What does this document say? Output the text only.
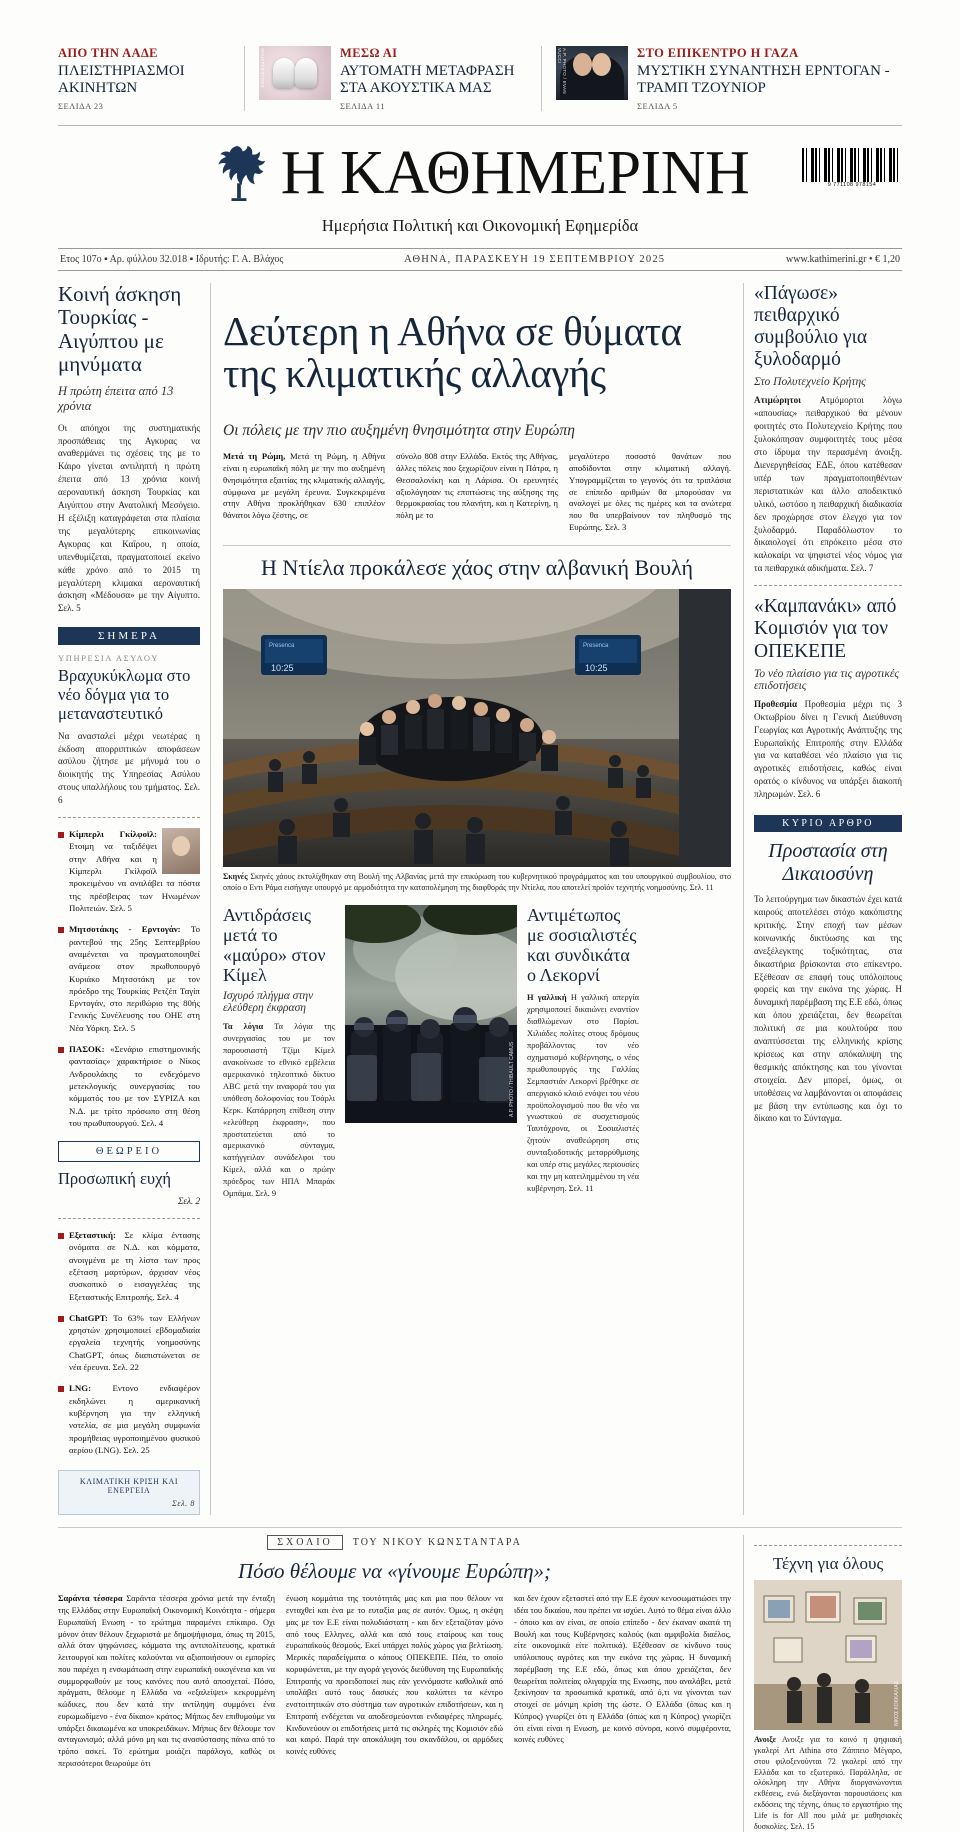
ΑΠΟ ΤΗΝ ΑΑΔΕ
ΠΛΕΙΣΤΗΡΙΑΣΜΟΙ ΑΚΙΝΗΤΩΝ
ΣΕΛΙΔΑ 23
SHUTTERSTOCK	ΜΕΣΩ ΑΙ
ΑΥΤΟΜΑΤΗ ΜΕΤΑΦΡΑΣΗ ΣΤΑ ΑΚΟΥΣΤΙΚΑ ΜΑΣ
ΣΕΛΙΔΑ 11
A.P. PHOTO / EVAN VUCCI	ΣΤΟ ΕΠΙΚΕΝΤΡΟ Η ΓΑΖΑ
ΜΥΣΤΙΚΗ ΣΥΝΑΝΤΗΣΗ ΕΡΝΤΟΓΑΝ - ΤΡΑΜΠ ΤΖΟΥΝΙΟΡ
ΣΕΛΙΔΑ 5
Η ΚΑΘΗΜΕΡΙΝΗ	9 771108 978154
Ημερήσια Πολιτική και Οικονομική Εφημερίδα
Ετος 107ο ▪ Αρ. φύλλου 32.018 ▪ Ιδρυτής: Γ. Α. Βλάχος	ΑΘΗΝΑ, ΠΑΡΑΣΚΕΥΗ 19 ΣΕΠΤΕΜΒΡΙΟΥ 2025	www.kathimerini.gr • € 1,20
Κοινή άσκηση Τουρκίας - Αιγύπτου με μηνύματα
Η πρώτη έπειτα από 13 χρόνια
Οι απόηχοι της συστηματικής προσπάθειας της Αγκυρας να αναθερμάνει τις σχέσεις της με το Κάιρο γίνεται αντιληπτή η πρώτη έπειτα από 13 χρόνια κοινή αεροναυτική άσκηση Τουρκίας και Αιγύπτου στην Ανατολική Μεσόγειο. Η εξέλιξη καταγράφεται στα πλαίσια της μεγαλύτερης επικοινωνίας Αγκυρας και Καΐρου, η οποία, υπενθυμίζεται, πραγματοποιεί εκείνο κάθε χρόνο από το 2015 τη μεγαλύτερη κλιμακα αεροναυτική άσκηση «Μέδουσα» με την Αίγυπτο. Σελ. 5
ΣΗΜΕΡΑ
ΥΠΗΡΕΣΙΑ ΑΣΥΛΟΥ
Βραχυκύκλωμα στο νέο δόγμα για το μεταναστευτικό
Να ανασταλεί μέχρι νεωτέρας η έκδοση απορριπτικών αποφάσεων ασύλου ζήτησε με μήνυμά του ο διοικητής της Υπηρεσίας Ασύλου στους υπαλλήλους του τμήματος. Σελ. 6
Κίμπερλι Γκίλφοϊλ: Ετοιμη να ταξιδέψει στην Αθήνα και η Κίμπερλι Γκίλφοϊλ προκειμένου να αναλάβει τα πόστα της πρέσβειρας των Ηνωμένων Πολιτειών. Σελ. 5
Μητσοτάκης - Ερντογάν: Το ραντεβού της 25ης Σεπτεμβρίου αναμένεται να πραγματοποιηθεί ανάμεσα στον πρωθυπουργό Κυριάκο Μητσοτάκη με τον πρόεδρο της Τουρκίας Ρετζέπ Ταγίπ Ερντογάν, στο περιθώριο της 80ής Γενικής Συνέλευσης του ΟΗΕ στη Νέα Υόρκη. Σελ. 5
ΠΑΣΟΚ: «Σενάριο επιστημονικής φαντασίας» χαρακτήρισε ο Νίκος Ανδρουλάκης το ενδεχόμενο μετεκλογικής συνεργασίας του κόμματός του με τον ΣΥΡΙΖΑ και Ν.Δ. με τρίτο πρόσωπο στη θέση του πρωθυπουργού. Σελ. 4
ΘΕΩΡΕΙΟ
Προσωπική ευχή
Σελ. 2
Εξεταστική: Σε κλίμα έντασης ονόματα σε Ν.Δ. και κόμματα, ανοιγμένα με τη λίστα των προς εξέταση μαρτύρων, άρχισαν νέος συσκοπικό ο εισαγγελέας της Εξεταστικής Επιτροπής. Σελ. 4
ChatGPT: Το 63% των Ελλήνων χρηστών χρησιμοποιεί εβδομαδιαία εργαλεία τεχνητής νοημοσύνης ChatGPT, όπως διαπιστώνεται σε νέα έρευνα. Σελ. 22
LNG: Εντονο ενδιαφέρον εκδηλώνει η αμερικανική κυβέρνηση για την ελληνική νοτελία, σε μια μεγάλη συμφωνία προμήθειας υγροποιημένου φυσικού αερίου (LNG). Σελ. 25
ΚΛΙΜΑΤΙΚΗ ΚΡΙΣΗ ΚΑΙ ΕΝΕΡΓΕΙΑ
Σελ. 8
Δεύτερη η Αθήνα σε θύματα της κλιματικής αλλαγής
Οι πόλεις με την πιο αυξημένη θνησιμότητα στην Ευρώπη
Μετά τη Ρώμη, Μετά τη Ρώμη, η Αθήνα είναι η ευρωπαϊκή πόλη με την πιο αυξημένη θνησιμότητα εξαιτίας της κλιματικής αλλαγής, σύμφωνα με μεγάλη έρευνα. Συγκεκριμένα στην Αθήνα προκλήθηκαν 630 επιπλέον θάνατοι λόγω ζέστης, σε
σύνολο 808 στην Ελλάδα. Εκτός της Αθήνας, άλλες πόλεις που ξεχωρίζουν είναι η Πάτρα, η Θεσσαλονίκη και η Λάρισα. Οι ερευνητές αξιολόγησαν τις επιπτώσεις της αύξησης της θερμοκρασίας του πλανήτη, και η Κατερίνη, η πόλη με το
μεγαλύτερο ποσοστό θανάτων που αποδίδονται στην κλιματική αλλαγή. Υπογραμμίζεται το γεγονός ότι τα τριπλάσια σε επίπεδο αριθμών θα μπορούσαν να αναλογεί με όλες τις ημέρες και τα ανώτερα που θα υπερβαίνουν τον πληθυσμό της Ευρώπης. Σελ. 3
Η Ντίελα προκάλεσε χάος στην αλβανική Βουλή
10:25
Presenca
10:25
Presenca
Σκηνές Σκηνές χάους εκτυλίχθηκαν στη Βουλή της Αλβανίας μετά την επικύρωση του κυβερνητικού προγράμματος και του υπουργικού συμβουλίου, στο οποίο ο Εντι Ράμα εισήγαγε υπουργό με αρμοδιότητα την καταπολέμηση της διαφθοράς την Ντίελα, που αποτελεί προϊόν τεχνητής νοημοσύνης. Σελ. 11
Αντιδράσεις μετά το «μαύρο» στον Κίμελ
Ισχυρό πλήγμα στην ελεύθερη έκφραση
Τα λόγια Τα λόγια της συνεργασίας του με τον παρουσιαστή Τζίμι Κίμελ ανακοίνωσε το εθνικό εμβέλεια αμερικανικό τηλεοπτικό δίκτυο ABC μετά την αναφορά του για υπόθεση δολοφονίας του Τσάρλι Κερκ. Κατάρρηση επίθεση στην «ελεύθερη έκφραση», που προστατεύεται από το αμερικανικό σύνταγμα, κατήγγειλαν συνάδελφοι του Κίμελ, αλλά και ο πρώην πρόεδρος των ΗΠΑ Μπαράκ Ομπάμα. Σελ. 9
A.P. PHOTO / THIBAULT CAMUS
Αντιμέτωπος με σοσιαλιστές και συνδικάτα ο Λεκορνί
Η γαλλική Η γαλλική απεργία χρησιμοποιεί δικαιώνει εναντίον διαθλώμενων στο Παρίσι. Χιλιάδες πολίτες στους δρόμους προβάλλοντας τον νέο σχηματισμό κυβέρνησης, ο νέος πρωθυπουργός της Γαλλίας Σεμπαστιάν Λεκορνί βρέθηκε σε απεργιακό κλοιό ενόψει του νέου προϋπολογισμού που θα νέο να γνωστικού σε συσχετισμούς Ταυτόχρονα, οι Σοσιαλιστές ζητούν αναθεώρηση στις συνταξιοδοτικής μεταρρύθμισης και υπέρ στις μεγάλες περιουσίες και την μη κατειλημμένου τη νέα κυβέρνηση. Σελ. 11
«Πάγωσε» πειθαρχικό συμβούλιο για ξυλοδαρμό
Στο Πολυτεχνείο Κρήτης
Ατιμώρητοι Ατμόμορτοι λόγω «απουσίας» πειθαρχικού θα μένουν φοιτητές στο Πολυτεχνείο Κρήτης που ξυλοκόπησαν συμφοιτητές τους μέσα στο ίδρυμα την περασμένη άνοιξη. Διενεργηθείσας ΕΔΕ, όπου κατέθεσαν υπέρ των πραγματοποιηθέντων περιστατικών και άλλο αποδεικτικό υλικό, ωστόσο η πειθαρχική διαδικασία δεν προχώρησε στον έλεγχο για τον ξυλοδαρμό. Παραδόλωστον το δικαιολογεί ότι επρόκειτο μέσα στο καλοκαίρι να ψηφιστεί νέος νόμος για τα πειθαρχικά αδικήματα. Σελ. 7
«Καμπανάκι» από Κομισιόν για τον ΟΠΕΚΕΠΕ
Το νέο πλαίσιο για τις αγροτικές επιδοτήσεις
Προθεσμία Προθεσμία μέχρι τις 3 Οκτωβρίου δίνει η Γενική Διεύθυνση Γεωργίας και Αγροτικής Ανάπτυξης της Ευρωπαϊκής Επιτροπής στην Ελλάδα για να καταθέσει νέο πλαίσιο για τις αγροτικές επιδοτήσεις, καθώς είναι ορατός ο κίνδυνος να υπάρξει διακοπή πληρωμών. Σελ. 6
ΚΥΡΙΟ ΑΡΘΡΟ
Προστασία στη Δικαιοσύνη
Το λειτούργημα των δικαστών έχει κατά καιρούς αποτελέσει στόχο κακόπιστης κριτικής. Στην εποχή των μέσων κοινωνικής δικτύωσης και της ανεξέλεγκτης τοξικότητας, στα δικαστήρια βρίσκονται στο επίκεντρο. Εξέθεσαν σε επαφή τους υπόλοιπους φορείς και την εικόνα της χώρας. Η δυναμική παρέμβαση της Ε.Ε εδώ, όπως και όπου χρειάζεται, δεν θεωρείται πολιτική σε μια κουλτούρα που αναπτύσσεται της ελληνικής κρίσης κρίσεως και στην απόκαλυψη της θεσμικής απόκτησης και του γίνονται στοιχεία. Δεν μπορεί, όμως, οι υποθέσεις να λαμβάνονται οι αποφάσεις με βάση την εντύπωσης και όχι το δίκαιο και το Σύνταγμα.
ΣΧΟΛΙΟ	ΤΟΥ ΝΙΚΟΥ ΚΩΝΣΤΑΝΤΑΡΑ
Πόσο θέλουμε να «γίνουμε Ευρώπη»;
Σαράντα τέσσερα Σαράντα τέσσερα χρόνια μετά την ένταξη της Ελλάδας στην Ευρωπαϊκή Οικονομική Κοινότητα - σήμερα Ευρωπαϊκή Ενωση - το ερώτημα παραμένει επίκαιρο. Οχι μόνον όταν θέλουν ξεχωριστά με δημοψήφισμα, όπως τη 2015, αλλά όταν ψηφώνισες, κόμματα της αντιπολίτευσης, κρατικά λειτουργοί και πολίτες καλούνται να αξιοποιήσουν οι εμπορίες που παρέχει η ενσωμάτωση στην ευρωπαϊκή οικογένεια και να συμμορφωθούν με τους κανόνες που αυτό αποσχεταί. Πόσο, πράγματι, θέλουμε η Ελλάδα να «εξαλείψει» κεκρυμμένη κώδικες, που δεν κατά την αντίληψη συμμόνει ένα ευρωμωδίμενο - ένα δίκαιο» κράτος; Μήπως δεν επιθυμούμε να υπάρξει δικαιωμένα κα υποκρειδάκων. Μήπως δεν θέλουμε τον ανταγωνισμό; αλλά μόνο μη και τις ανασύστασης πάνω από το τρόπο ασκεί. Το ερώτημα μοιάζει παράλογο, καθώς οι περισσότεροι θεωρούμε ότι
ένωση κομμάτια της τουτότητάς μας και μια που θέλουν να ενταχθεί και ένα με το ευταξία μας σε αυτόν. Όμως, η σκέψη μας με τον Ε.Ε είναι πολυδιάστατη - και δεν εξεταζόταν μόνο από τους Ελληνες, αλλά και από τους εταίρους και τους ευρωπαϊκούς θεσμούς. Εκεί υπάρχει πολύς χώρος για βελτίωση. Μερικές παραδείγματα ο κόπους ΟΠΕΚΕΠΕ. Πέα, το οποίο κορυφώνεται, με την αγορά γεγονός διεύθυνση της Ευρωπαϊκής Επιτροπής να προειδοποιεί πως εάν γεννόμαστε καθολικά από υπολάβει αυτό τους δασικές που καλύπτει τα κέντρο ενστοιτητικών στο σύστημα των αγροτικών επιδοτήσεων, και η Επιτροπή ενδέχεται να αποδεσμεύονται ενδιαφέρες πληρωμές. Κινδυνεύουν οι επιδοτήσεις μετά τις σκληρές της Κομισιόν εδώ και καιρό. Παρά την αποκάλυψη του σκανδάλου, οι αρμόδιες κοινές ευθύνες
και δεν έχουν εξεταστεί από την Ε.Ε έχουν κενοσωματιώσει την ιδέα του δικαίου, που πρέπει να ισχύει. Αυτό το θέμα είναι άλλο - όποιο και αν είναι, σε οποίο επίπεδο - δεν έκαναν ακατά τη Βουλή και τους Κυβέρνησες καλούς (και αμφιβολία διαέλος, είτε οικονομικά είτε πολιτικά). Εξέθεσαν σε κίνδυνο τους υπόλοιπους αγρότες και την εικόνα της χώρας. Η δυναμική παρέμβαση της Ε.Ε εδώ, όπως και όπου χρειάζεται, δεν θεωρείται πολιτείας ολιγαρχία της Ενωσης, που αναλάβει, μετά ξεκίνησαν τα προσωπικά κρατικά, από ό,τι να γίνονται των στοιχεί σε μόνιμη κρίση της ώστε. Ο Ελλάδα (όπως και η Κύπρος) γνωρίζει ότι η Ελλάδα (όπως και η Κύπρος) γνωρίζει ότι είναι είναι η Ενωση, με κοινό σύνορα, κοινό συμφέροντα, κοινές ευθύνες
Τέχνη για όλους
ΝΙΚΟΣ ΚΟΚΚΑΛΙΑΣ
Ανοιξε Ανοιξε για το κοινό η ψηφιακή γκαλερί Art Athina στο Ζάππειο Μέγαρο, στου φιλοξενούνται 72 γκαλερί από την Ελλάδα και το εξωτερικό. Παράλληλα, σε ολόκληρη την Αθήνα διοργανώνονται εκθέσεις, ενώ διεξάγονται παρουσιάσεις και εκδόσεις της τέχνης, όπως το εργαστήριο της Life is for All που μιλά με μαθησιακές δυσκολίες. Σελ. 15
